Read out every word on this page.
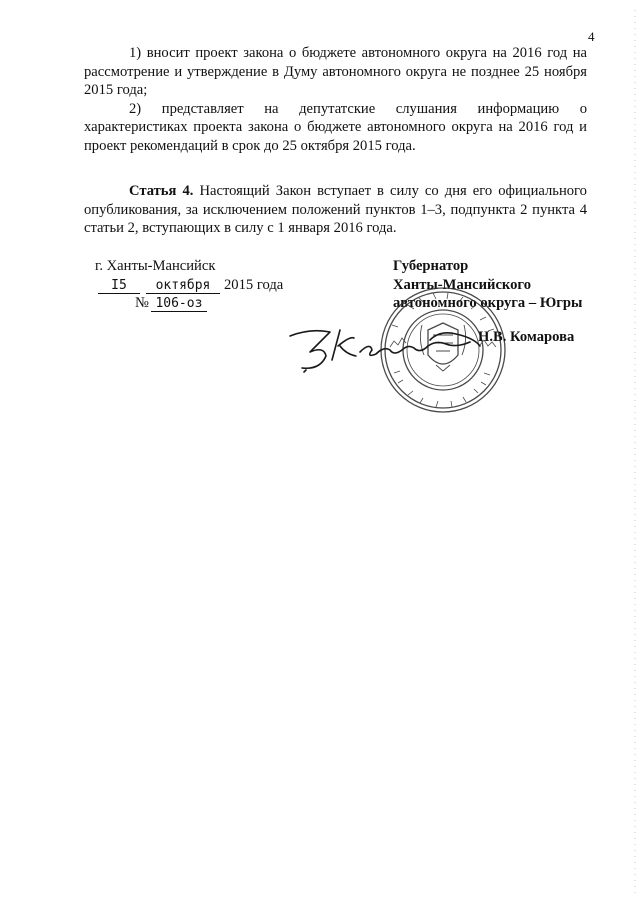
4

1) вносит проект закона о бюджете автономного округа на 2016 год на рассмотрение и утверждение в Думу автономного округа не позднее 25 ноября 2015 года;

2) представляет на депутатские слушания информацию о характеристиках проекта закона о бюджете автономного округа на 2016 год и проект рекомендаций в срок до 25 октября 2015 года.

Статья 4. Настоящий Закон вступает в силу со дня его официального опубликования, за исключением положений пунктов 1–3, подпункта 2 пункта 4 статьи 2, вступающих в силу с 1 января 2016 года.

г. Ханты-Мансийск
I5 октября 2015 года
№ 106-оз
Губернатор
Ханты-Мансийского
автономного округа – Югры
Н.В. Комарова
